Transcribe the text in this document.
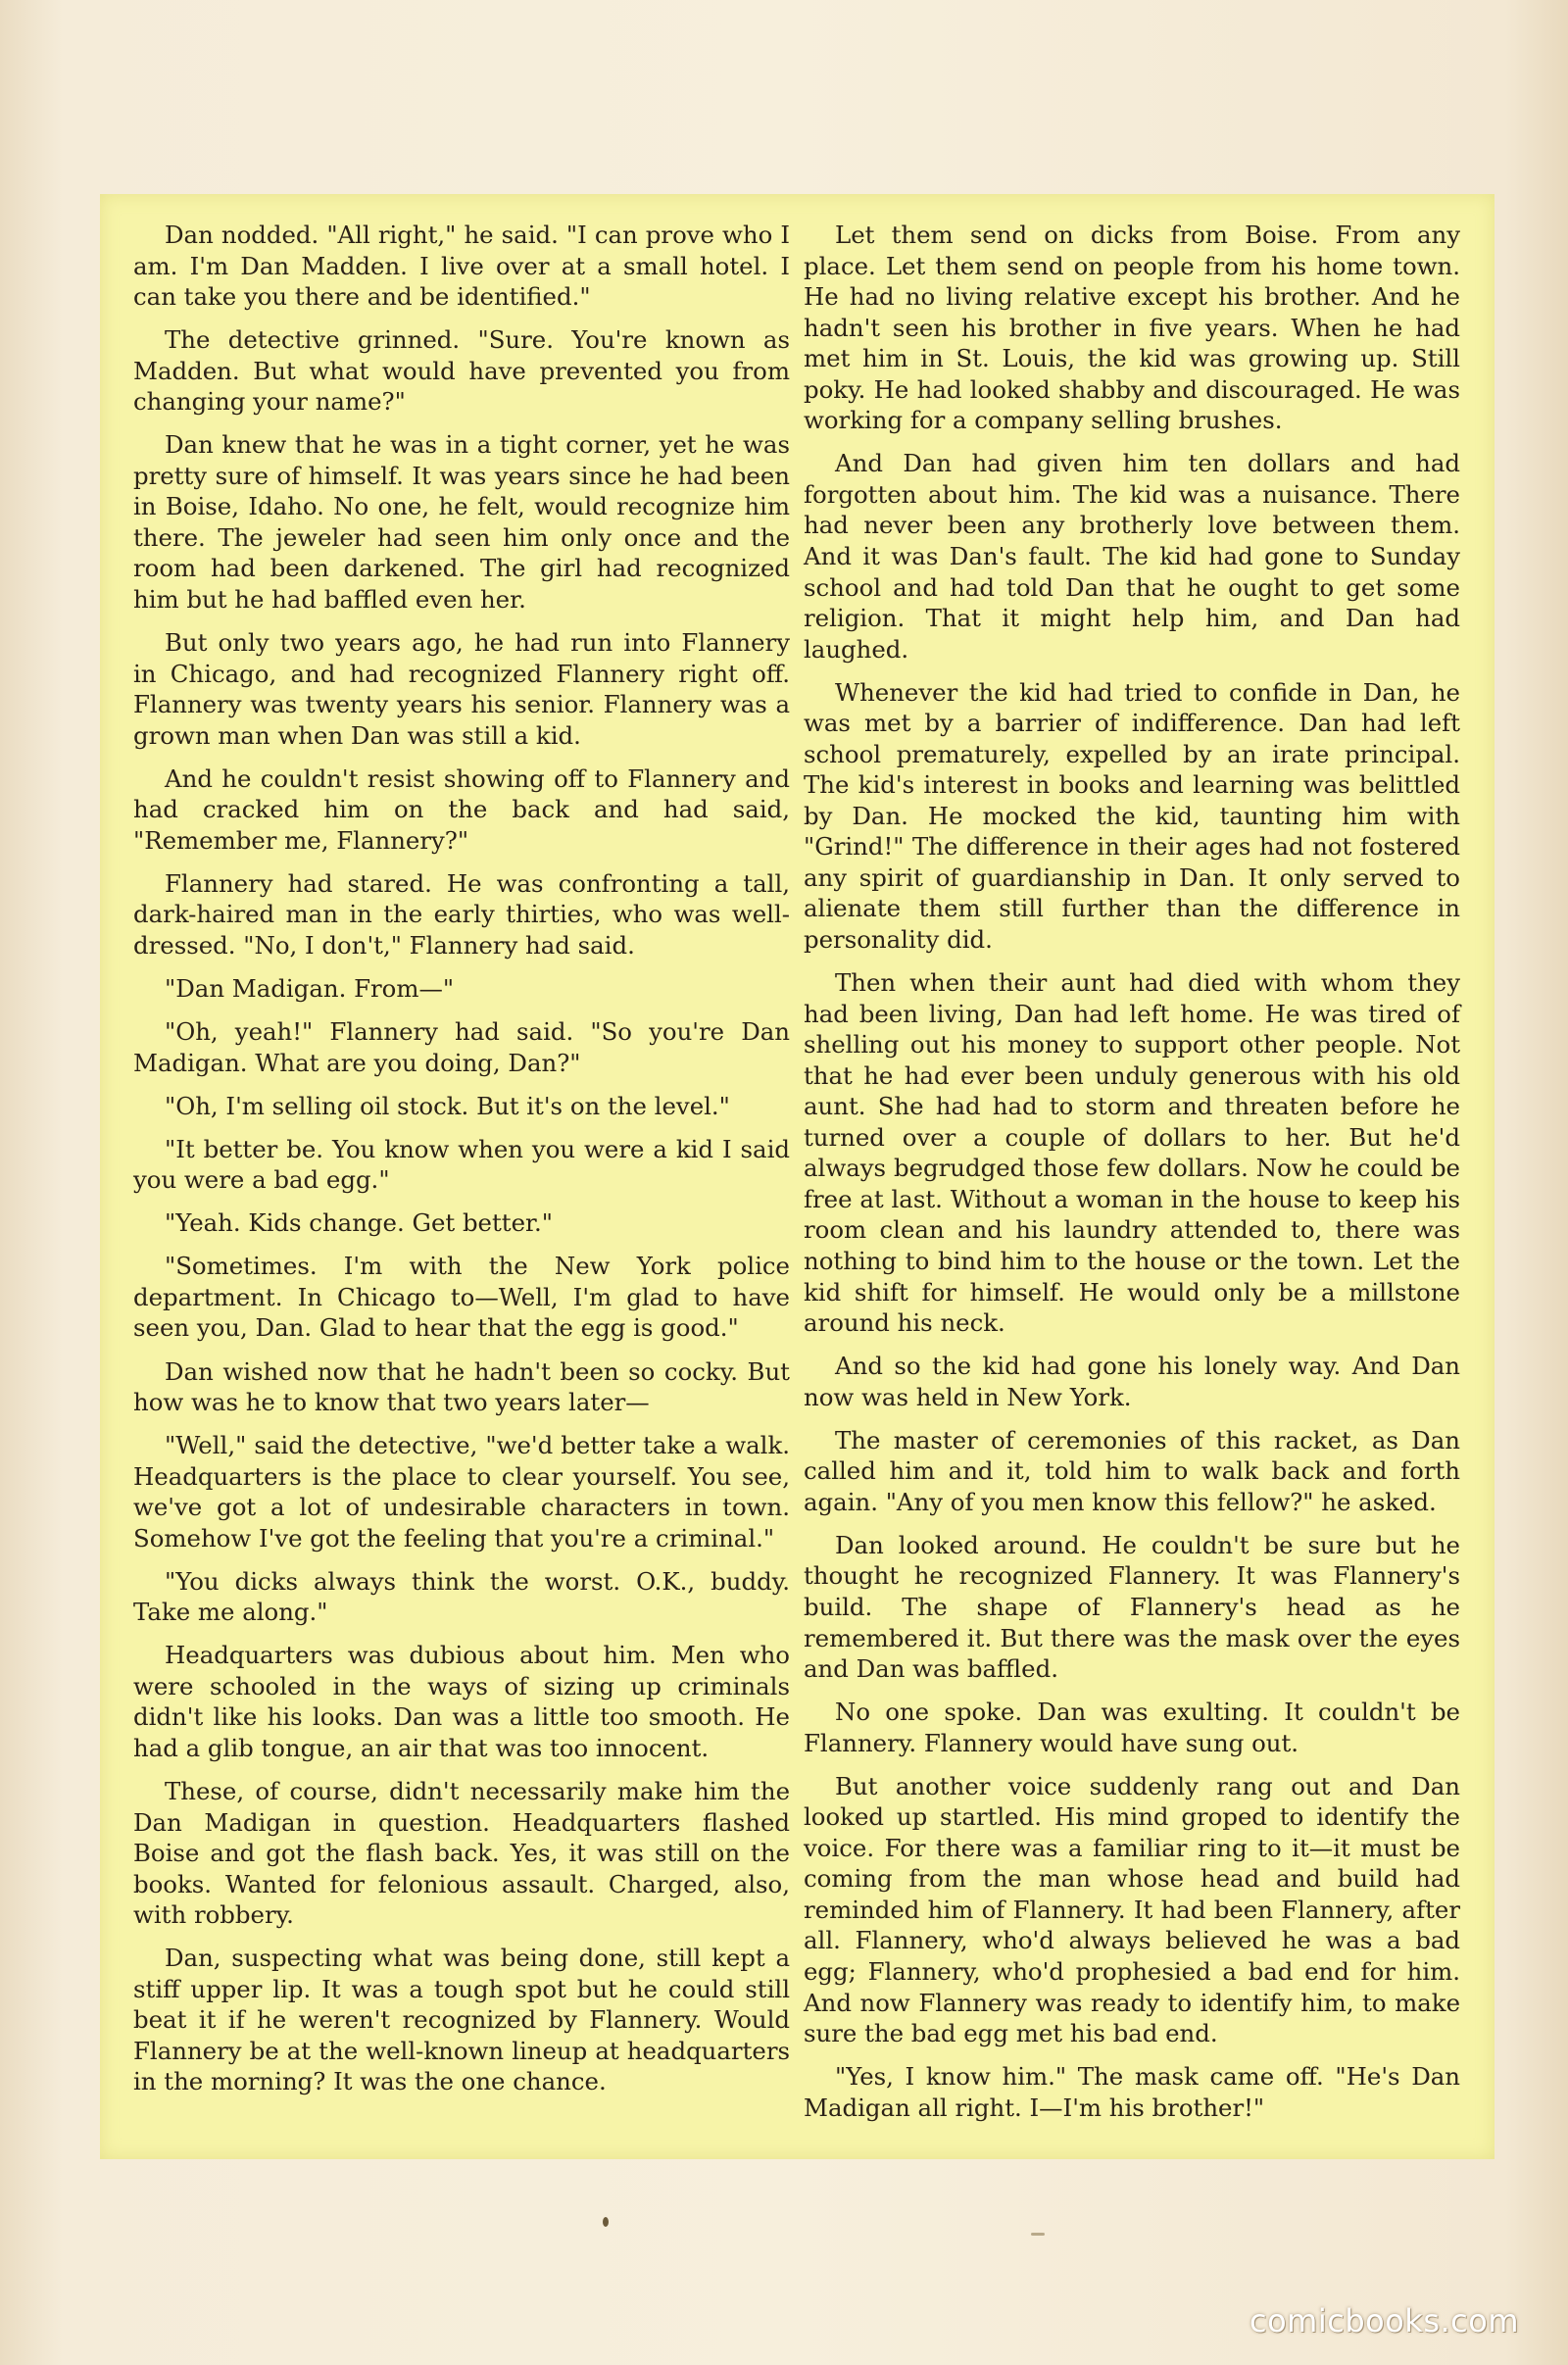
Dan nodded. "All right," he said. "I can prove who I am. I'm Dan Madden. I live over at a small hotel. I can take you there and be identified."

The detective grinned. "Sure. You're known as Madden. But what would have prevented you from changing your name?"

Dan knew that he was in a tight corner, yet he was pretty sure of himself. It was years since he had been in Boise, Idaho. No one, he felt, would recognize him there. The jeweler had seen him only once and the room had been darkened. The girl had recognized him but he had baffled even her.

But only two years ago, he had run into Flannery in Chicago, and had recognized Flannery right off. Flannery was twenty years his senior. Flannery was a grown man when Dan was still a kid.

And he couldn't resist showing off to Flannery and had cracked him on the back and had said, "Remember me, Flannery?"

Flannery had stared. He was confronting a tall, dark-haired man in the early thirties, who was well-dressed. "No, I don't," Flannery had said.

"Dan Madigan. From—"

"Oh, yeah!" Flannery had said. "So you're Dan Madigan. What are you doing, Dan?"

"Oh, I'm selling oil stock. But it's on the level."

"It better be. You know when you were a kid I said you were a bad egg."

"Yeah. Kids change. Get better."

"Sometimes. I'm with the New York police department. In Chicago to—Well, I'm glad to have seen you, Dan. Glad to hear that the egg is good."

Dan wished now that he hadn't been so cocky. But how was he to know that two years later—

"Well," said the detective, "we'd better take a walk. Headquarters is the place to clear yourself. You see, we've got a lot of undesirable characters in town. Somehow I've got the feeling that you're a criminal."

"You dicks always think the worst. O.K., buddy. Take me along."

Headquarters was dubious about him. Men who were schooled in the ways of sizing up criminals didn't like his looks. Dan was a little too smooth. He had a glib tongue, an air that was too innocent.

These, of course, didn't necessarily make him the Dan Madigan in question. Headquarters flashed Boise and got the flash back. Yes, it was still on the books. Wanted for felonious assault. Charged, also, with robbery.

Dan, suspecting what was being done, still kept a stiff upper lip. It was a tough spot but he could still beat it if he weren't recognized by Flannery. Would Flannery be at the well-known lineup at headquarters in the morning? It was the one chance.

Let them send on dicks from Boise. From any place. Let them send on people from his home town. He had no living relative except his brother. And he hadn't seen his brother in five years. When he had met him in St. Louis, the kid was growing up. Still poky. He had looked shabby and discouraged. He was working for a company selling brushes.

And Dan had given him ten dollars and had forgotten about him. The kid was a nuisance. There had never been any brotherly love between them. And it was Dan's fault. The kid had gone to Sunday school and had told Dan that he ought to get some religion. That it might help him, and Dan had laughed.

Whenever the kid had tried to confide in Dan, he was met by a barrier of indifference. Dan had left school prematurely, expelled by an irate principal. The kid's interest in books and learning was belittled by Dan. He mocked the kid, taunting him with "Grind!" The difference in their ages had not fostered any spirit of guardianship in Dan. It only served to alienate them still further than the difference in personality did.

Then when their aunt had died with whom they had been living, Dan had left home. He was tired of shelling out his money to support other people. Not that he had ever been unduly generous with his old aunt. She had had to storm and threaten before he turned over a couple of dollars to her. But he'd always begrudged those few dollars. Now he could be free at last. Without a woman in the house to keep his room clean and his laundry attended to, there was nothing to bind him to the house or the town. Let the kid shift for himself. He would only be a millstone around his neck.

And so the kid had gone his lonely way. And Dan now was held in New York.

The master of ceremonies of this racket, as Dan called him and it, told him to walk back and forth again. "Any of you men know this fellow?" he asked.

Dan looked around. He couldn't be sure but he thought he recognized Flannery. It was Flannery's build. The shape of Flannery's head as he remembered it. But there was the mask over the eyes and Dan was baffled.

No one spoke. Dan was exulting. It couldn't be Flannery. Flannery would have sung out.

But another voice suddenly rang out and Dan looked up startled. His mind groped to identify the voice. For there was a familiar ring to it—it must be coming from the man whose head and build had reminded him of Flannery. It had been Flannery, after all. Flannery, who'd always believed he was a bad egg; Flannery, who'd prophesied a bad end for him. And now Flannery was ready to identify him, to make sure the bad egg met his bad end.

"Yes, I know him." The mask came off. "He's Dan Madigan all right. I—I'm his brother!"

comicbooks.com
